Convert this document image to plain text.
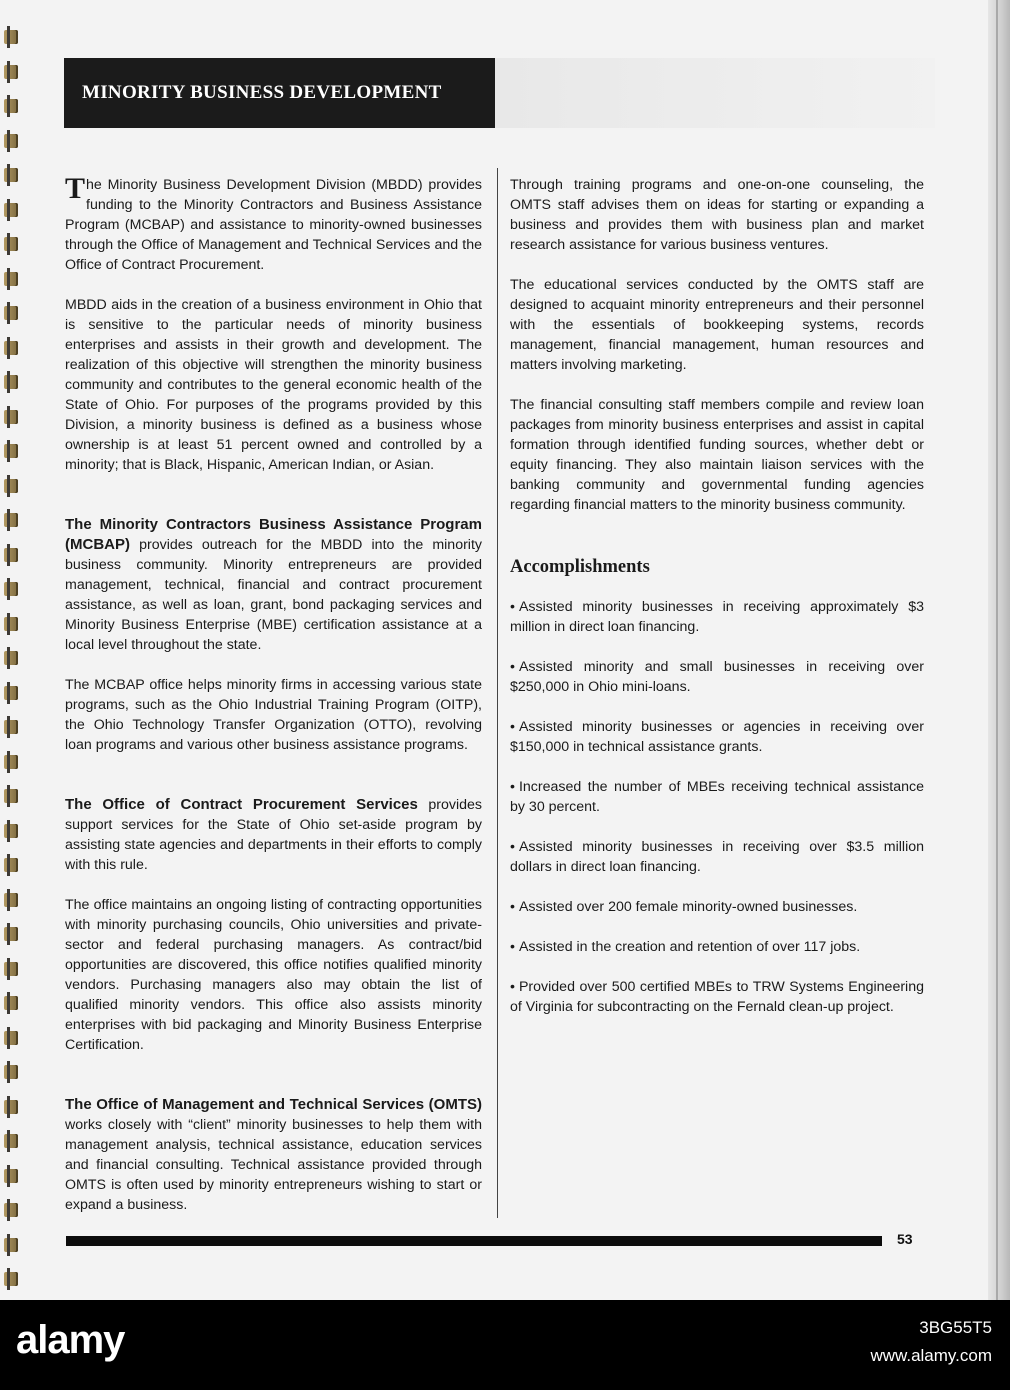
MINORITY BUSINESS DEVELOPMENT

The Minority Business Development Division (MBDD) provides funding to the Minority Contractors and Business Assistance Program (MCBAP) and assistance to minority-owned businesses through the Office of Management and Technical Services and the Office of Contract Procurement.

MBDD aids in the creation of a business environment in Ohio that is sensitive to the particular needs of minority business enterprises and assists in their growth and development. The realization of this objective will strengthen the minority business community and contributes to the general economic health of the State of Ohio. For purposes of the programs provided by this Division, a minority business is defined as a business whose ownership is at least 51 percent owned and controlled by a minority; that is Black, Hispanic, American Indian, or Asian.

The Minority Contractors Business Assistance Program (MCBAP) provides outreach for the MBDD into the minority business community. Minority entrepreneurs are provided management, technical, financial and contract procurement assistance, as well as loan, grant, bond packaging services and Minority Business Enterprise (MBE) certification assistance at a local level throughout the state.

The MCBAP office helps minority firms in accessing various state programs, such as the Ohio Industrial Training Program (OITP), the Ohio Technology Transfer Organization (OTTO), revolving loan programs and various other business assistance programs.

The Office of Contract Procurement Services provides support services for the State of Ohio set-aside program by assisting state agencies and departments in their efforts to comply with this rule.

The office maintains an ongoing listing of contracting opportunities with minority purchasing councils, Ohio universities and private-sector and federal purchasing managers. As contract/bid opportunities are discovered, this office notifies qualified minority vendors. Purchasing managers also may obtain the list of qualified minority vendors. This office also assists minority enterprises with bid packaging and Minority Business Enterprise Certification.

The Office of Management and Technical Services (OMTS) works closely with “client” minority businesses to help them with management analysis, technical assistance, education services and financial consulting. Technical assistance provided through OMTS is often used by minority entrepreneurs wishing to start or expand a business.

Through training programs and one-on-one counseling, the OMTS staff advises them on ideas for starting or expanding a business and provides them with business plan and market research assistance for various business ventures.

The educational services conducted by the OMTS staff are designed to acquaint minority entrepreneurs and their personnel with the essentials of bookkeeping systems, records management, financial management, human resources and matters involving marketing.

The financial consulting staff members compile and review loan packages from minority business enterprises and assist in capital formation through identified funding sources, whether debt or equity financing. They also maintain liaison services with the banking community and governmental funding agencies regarding financial matters to the minority business community.

Accomplishments
• Assisted minority businesses in receiving approximately $3 million in direct loan financing.
• Assisted minority and small businesses in receiving over $250,000 in Ohio mini-loans.
• Assisted minority businesses or agencies in receiving over $150,000 in technical assistance grants.
• Increased the number of MBEs receiving technical assistance by 30 percent.
• Assisted minority businesses in receiving over $3.5 million dollars in direct loan financing.
• Assisted over 200 female minority-owned businesses.
• Assisted in the creation and retention of over 117 jobs.
• Provided over 500 certified MBEs to TRW Systems Engineering of Virginia for subcontracting on the Fernald clean-up project.
53
alamy	3BG55T5
www.alamy.com
